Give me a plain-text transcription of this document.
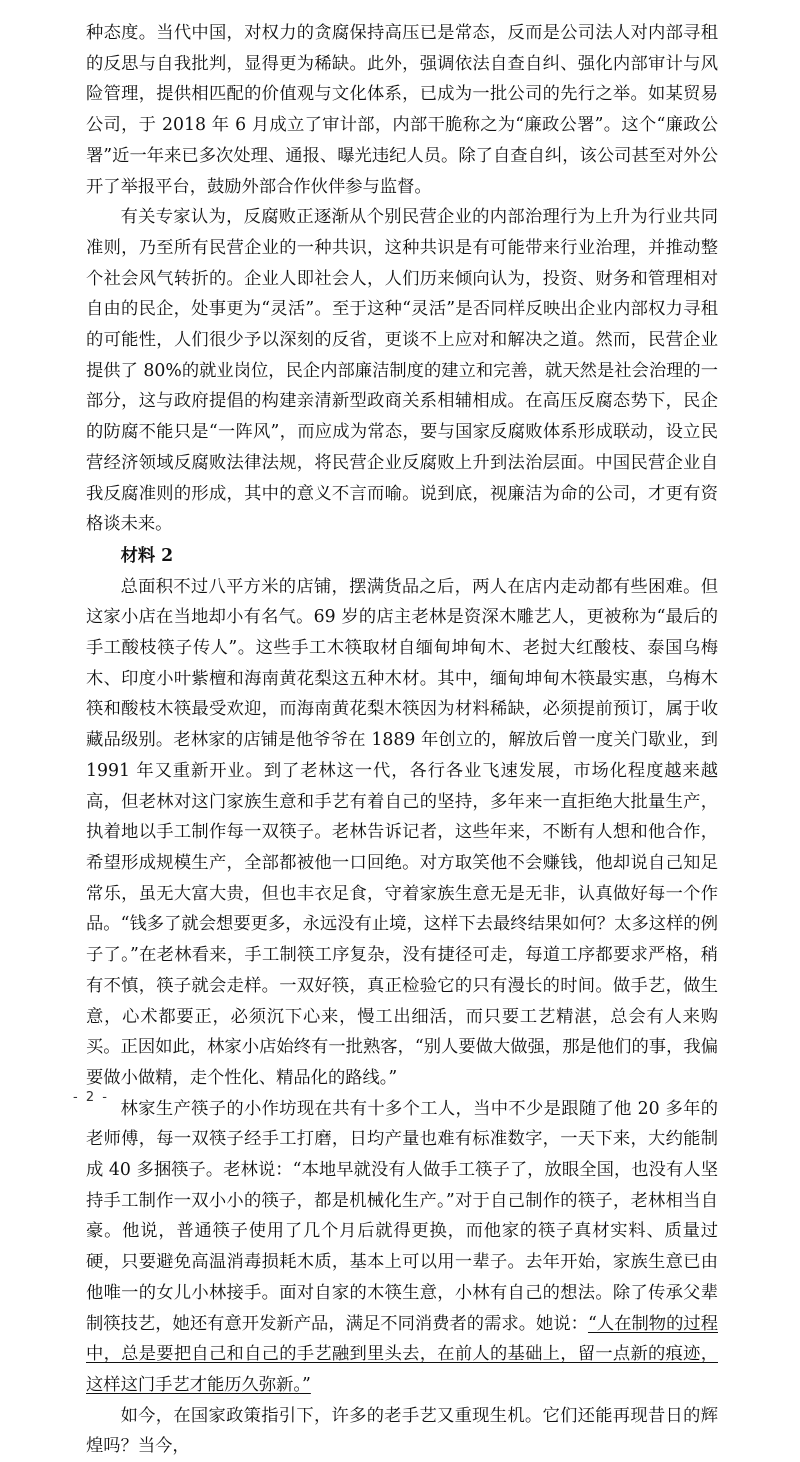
种态度。当代中国，对权力的贪腐保持高压已是常态，反而是公司法人对内部寻租的反思与自我批判，显得更为稀缺。此外，强调依法自查自纠、强化内部审计与风险管理，提供相匹配的价值观与文化体系，已成为一批公司的先行之举。如某贸易公司，于 2018 年 6 月成立了审计部，内部干脆称之为“廉政公署”。这个“廉政公署”近一年来已多次处理、通报、曝光违纪人员。除了自查自纠，该公司甚至对外公开了举报平台，鼓励外部合作伙伴参与监督。

有关专家认为，反腐败正逐渐从个别民营企业的内部治理行为上升为行业共同准则，乃至所有民营企业的一种共识，这种共识是有可能带来行业治理，并推动整个社会风气转折的。企业人即社会人，人们历来倾向认为，投资、财务和管理相对自由的民企，处事更为“灵活”。至于这种“灵活”是否同样反映出企业内部权力寻租的可能性，人们很少予以深刻的反省，更谈不上应对和解决之道。然而，民营企业提供了 80%的就业岗位，民企内部廉洁制度的建立和完善，就天然是社会治理的一部分，这与政府提倡的构建亲清新型政商关系相辅相成。在高压反腐态势下，民企的防腐不能只是“一阵风”，而应成为常态，要与国家反腐败体系形成联动，设立民营经济领域反腐败法律法规，将民营企业反腐败上升到法治层面。中国民营企业自我反腐准则的形成，其中的意义不言而喻。说到底，视廉洁为命的公司，才更有资格谈未来。

材料 2

总面积不过八平方米的店铺，摆满货品之后，两人在店内走动都有些困难。但这家小店在当地却小有名气。69 岁的店主老林是资深木雕艺人，更被称为“最后的手工酸枝筷子传人”。这些手工木筷取材自缅甸坤甸木、老挝大红酸枝、泰国乌梅木、印度小叶紫檀和海南黄花梨这五种木材。其中，缅甸坤甸木筷最实惠，乌梅木筷和酸枝木筷最受欢迎，而海南黄花梨木筷因为材料稀缺，必须提前预订，属于收藏品级别。老林家的店铺是他爷爷在 1889 年创立的，解放后曾一度关门歇业，到 1991 年又重新开业。到了老林这一代，各行各业飞速发展，市场化程度越来越高，但老林对这门家族生意和手艺有着自己的坚持，多年来一直拒绝大批量生产，执着地以手工制作每一双筷子。老林告诉记者，这些年来，不断有人想和他合作，希望形成规模生产，全部都被他一口回绝。对方取笑他不会赚钱，他却说自己知足常乐，虽无大富大贵，但也丰衣足食，守着家族生意无是无非，认真做好每一个作品。“钱多了就会想要更多，永远没有止境，这样下去最终结果如何？太多这样的例子了。”在老林看来，手工制筷工序复杂，没有捷径可走，每道工序都要求严格，稍有不慎，筷子就会走样。一双好筷，真正检验它的只有漫长的时间。做手艺，做生意，心术都要正，必须沉下心来，慢工出细活，而只要工艺精湛，总会有人来购买。正因如此，林家小店始终有一批熟客，“别人要做大做强，那是他们的事，我偏要做小做精，走个性化、精品化的路线。”

林家生产筷子的小作坊现在共有十多个工人，当中不少是跟随了他 20 多年的老师傅，每一双筷子经手工打磨，日均产量也难有标准数字，一天下来，大约能制成 40 多捆筷子。老林说：“本地早就没有人做手工筷子了，放眼全国，也没有人坚持手工制作一双小小的筷子，都是机械化生产。”对于自己制作的筷子，老林相当自豪。他说，普通筷子使用了几个月后就得更换，而他家的筷子真材实料、质量过硬，只要避免高温消毒损耗木质，基本上可以用一辈子。去年开始，家族生意已由他唯一的女儿小林接手。面对自家的木筷生意，小林有自己的想法。除了传承父辈制筷技艺，她还有意开发新产品，满足不同消费者的需求。她说：“人在制物的过程中，总是要把自己和自己的手艺融到里头去，在前人的基础上，留一点新的痕迹，这样这门手艺才能历久弥新。”

如今，在国家政策指引下，许多的老手艺又重现生机。它们还能再现昔日的辉煌吗？当今，

- 2 -
